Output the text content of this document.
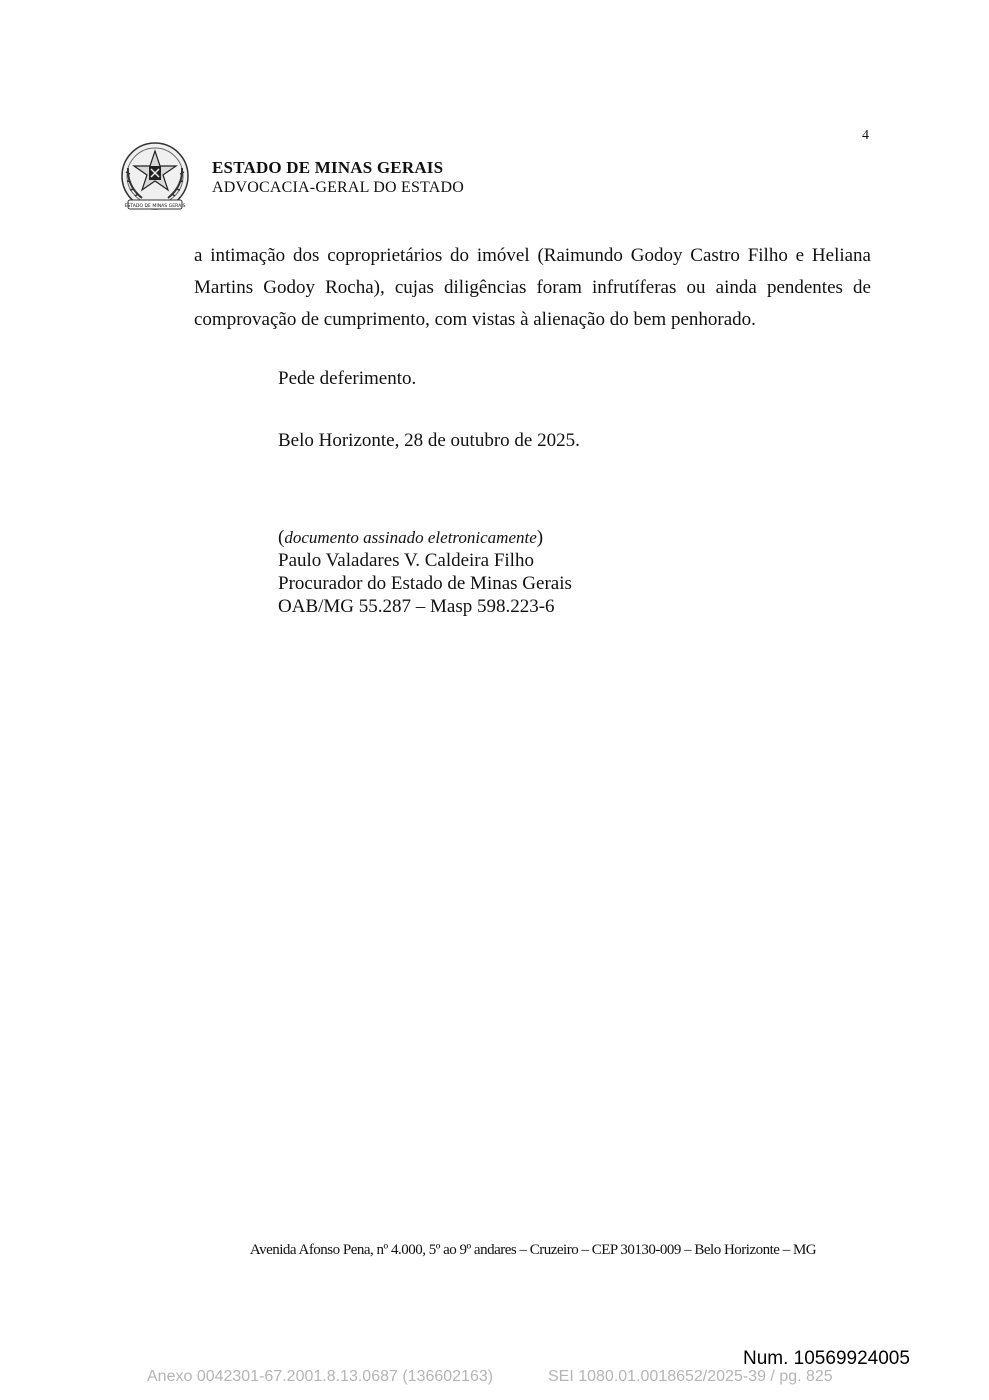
4
ESTADO DE MINAS GERAIS
ESTADO DE MINAS GERAIS
ADVOCACIA-GERAL DO ESTADO

a intimação dos coproprietários do imóvel (Raimundo Godoy Castro Filho e Heliana Martins Godoy Rocha), cujas diligências foram infrutíferas ou ainda pendentes de comprovação de cumprimento, com vistas à alienação do bem penhorado.

Pede deferimento.
Belo Horizonte, 28 de outubro de 2025.
(documento assinado eletronicamente)
Paulo Valadares V. Caldeira Filho
Procurador do Estado de Minas Gerais
OAB/MG 55.287 – Masp 598.223-6
Avenida Afonso Pena, nº 4.000, 5º ao 9º andares – Cruzeiro – CEP 30130-009 – Belo Horizonte – MG
Num. 10569924005
Anexo 0042301-67.2001.8.13.0687 (136602163)	SEI 1080.01.0018652/2025-39 / pg. 825
